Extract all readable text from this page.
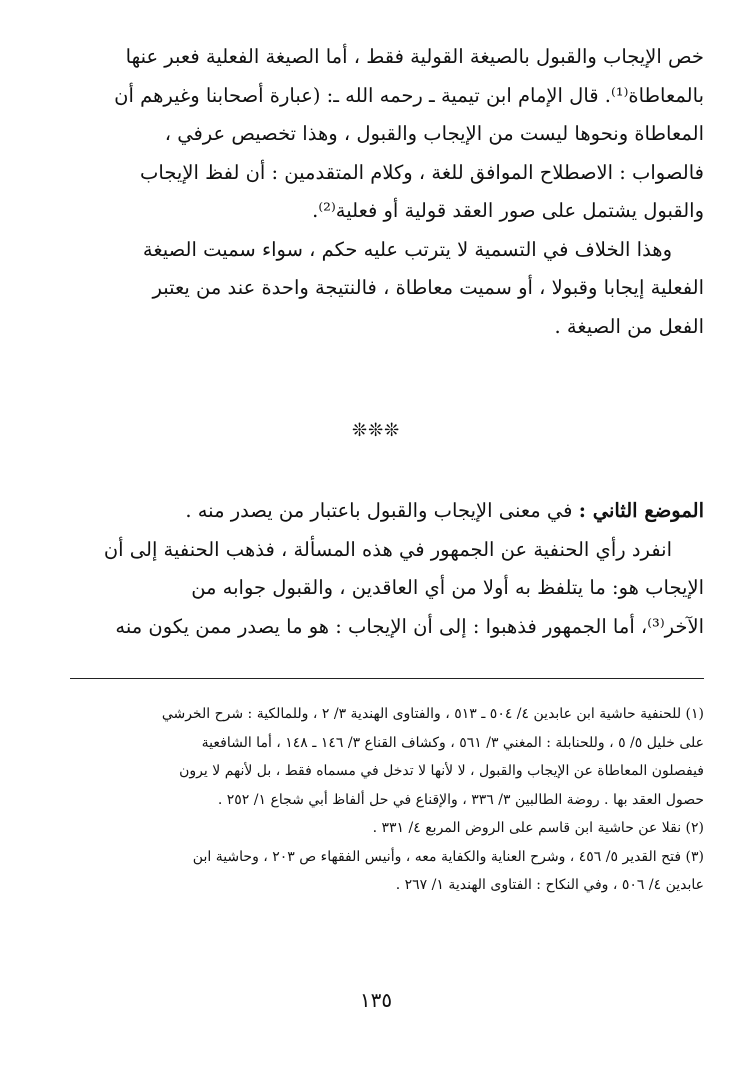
خص الإيجاب والقبول بالصيغة القولية فقط ، أما الصيغة الفعلية فعبر عنها
بالمعاطاة⁽¹⁾. قال الإمام ابن تيمية ـ رحمه الله ـ: (عبارة أصحابنا وغيرهم أن
المعاطاة ونحوها ليست من الإيجاب والقبول ، وهذا تخصيص عرفي ،
فالصواب : الاصطلاح الموافق للغة ، وكلام المتقدمين : أن لفظ الإيجاب
والقبول يشتمل على صور العقد قولية أو فعلية⁽²⁾.

وهذا الخلاف في التسمية لا يترتب عليه حكم ، سواء سميت الصيغة
الفعلية إيجابا وقبولا ، أو سميت معاطاة ، فالنتيجة واحدة عند من يعتبر
الفعل من الصيغة .

❊❊❊

الموضع الثاني : في معنى الإيجاب والقبول باعتبار من يصدر منه .

انفرد رأي الحنفية عن الجمهور في هذه المسألة ، فذهب الحنفية إلى أن
الإيجاب هو: ما يتلفظ به أولا من أي العاقدين ، والقبول جوابه من
الآخر⁽³⁾، أما الجمهور فذهبوا : إلى أن الإيجاب : هو ما يصدر ممن يكون منه

(١) للحنفية حاشية ابن عابدين ٤/ ٥٠٤ ـ ٥١٣ ، والفتاوى الهندية ٣/ ٢ ، وللمالكية : شرح الخرشي
على خليل ٥/ ٥ ، وللحنابلة : المغني ٣/ ٥٦١ ، وكشاف القناع ٣/ ١٤٦ ـ ١٤٨ ، أما الشافعية
فيفصلون المعاطاة عن الإيجاب والقبول ، لا لأنها لا تدخل في مسماه فقط ، بل لأنهم لا يرون
حصول العقد بها . روضة الطالبين ٣/ ٣٣٦ ، والإقناع في حل ألفاظ أبي شجاع ١/ ٢٥٢ .

(٢) نقلا عن حاشية ابن قاسم على الروض المربع ٤/ ٣٣١ .

(٣) فتح القدير ٥/ ٤٥٦ ، وشرح العناية والكفاية معه ، وأنيس الفقهاء ص ٢٠٣ ، وحاشية ابن
عابدين ٤/ ٥٠٦ ، وفي النكاح : الفتاوى الهندية ١/ ٢٦٧ .

١٣٥
